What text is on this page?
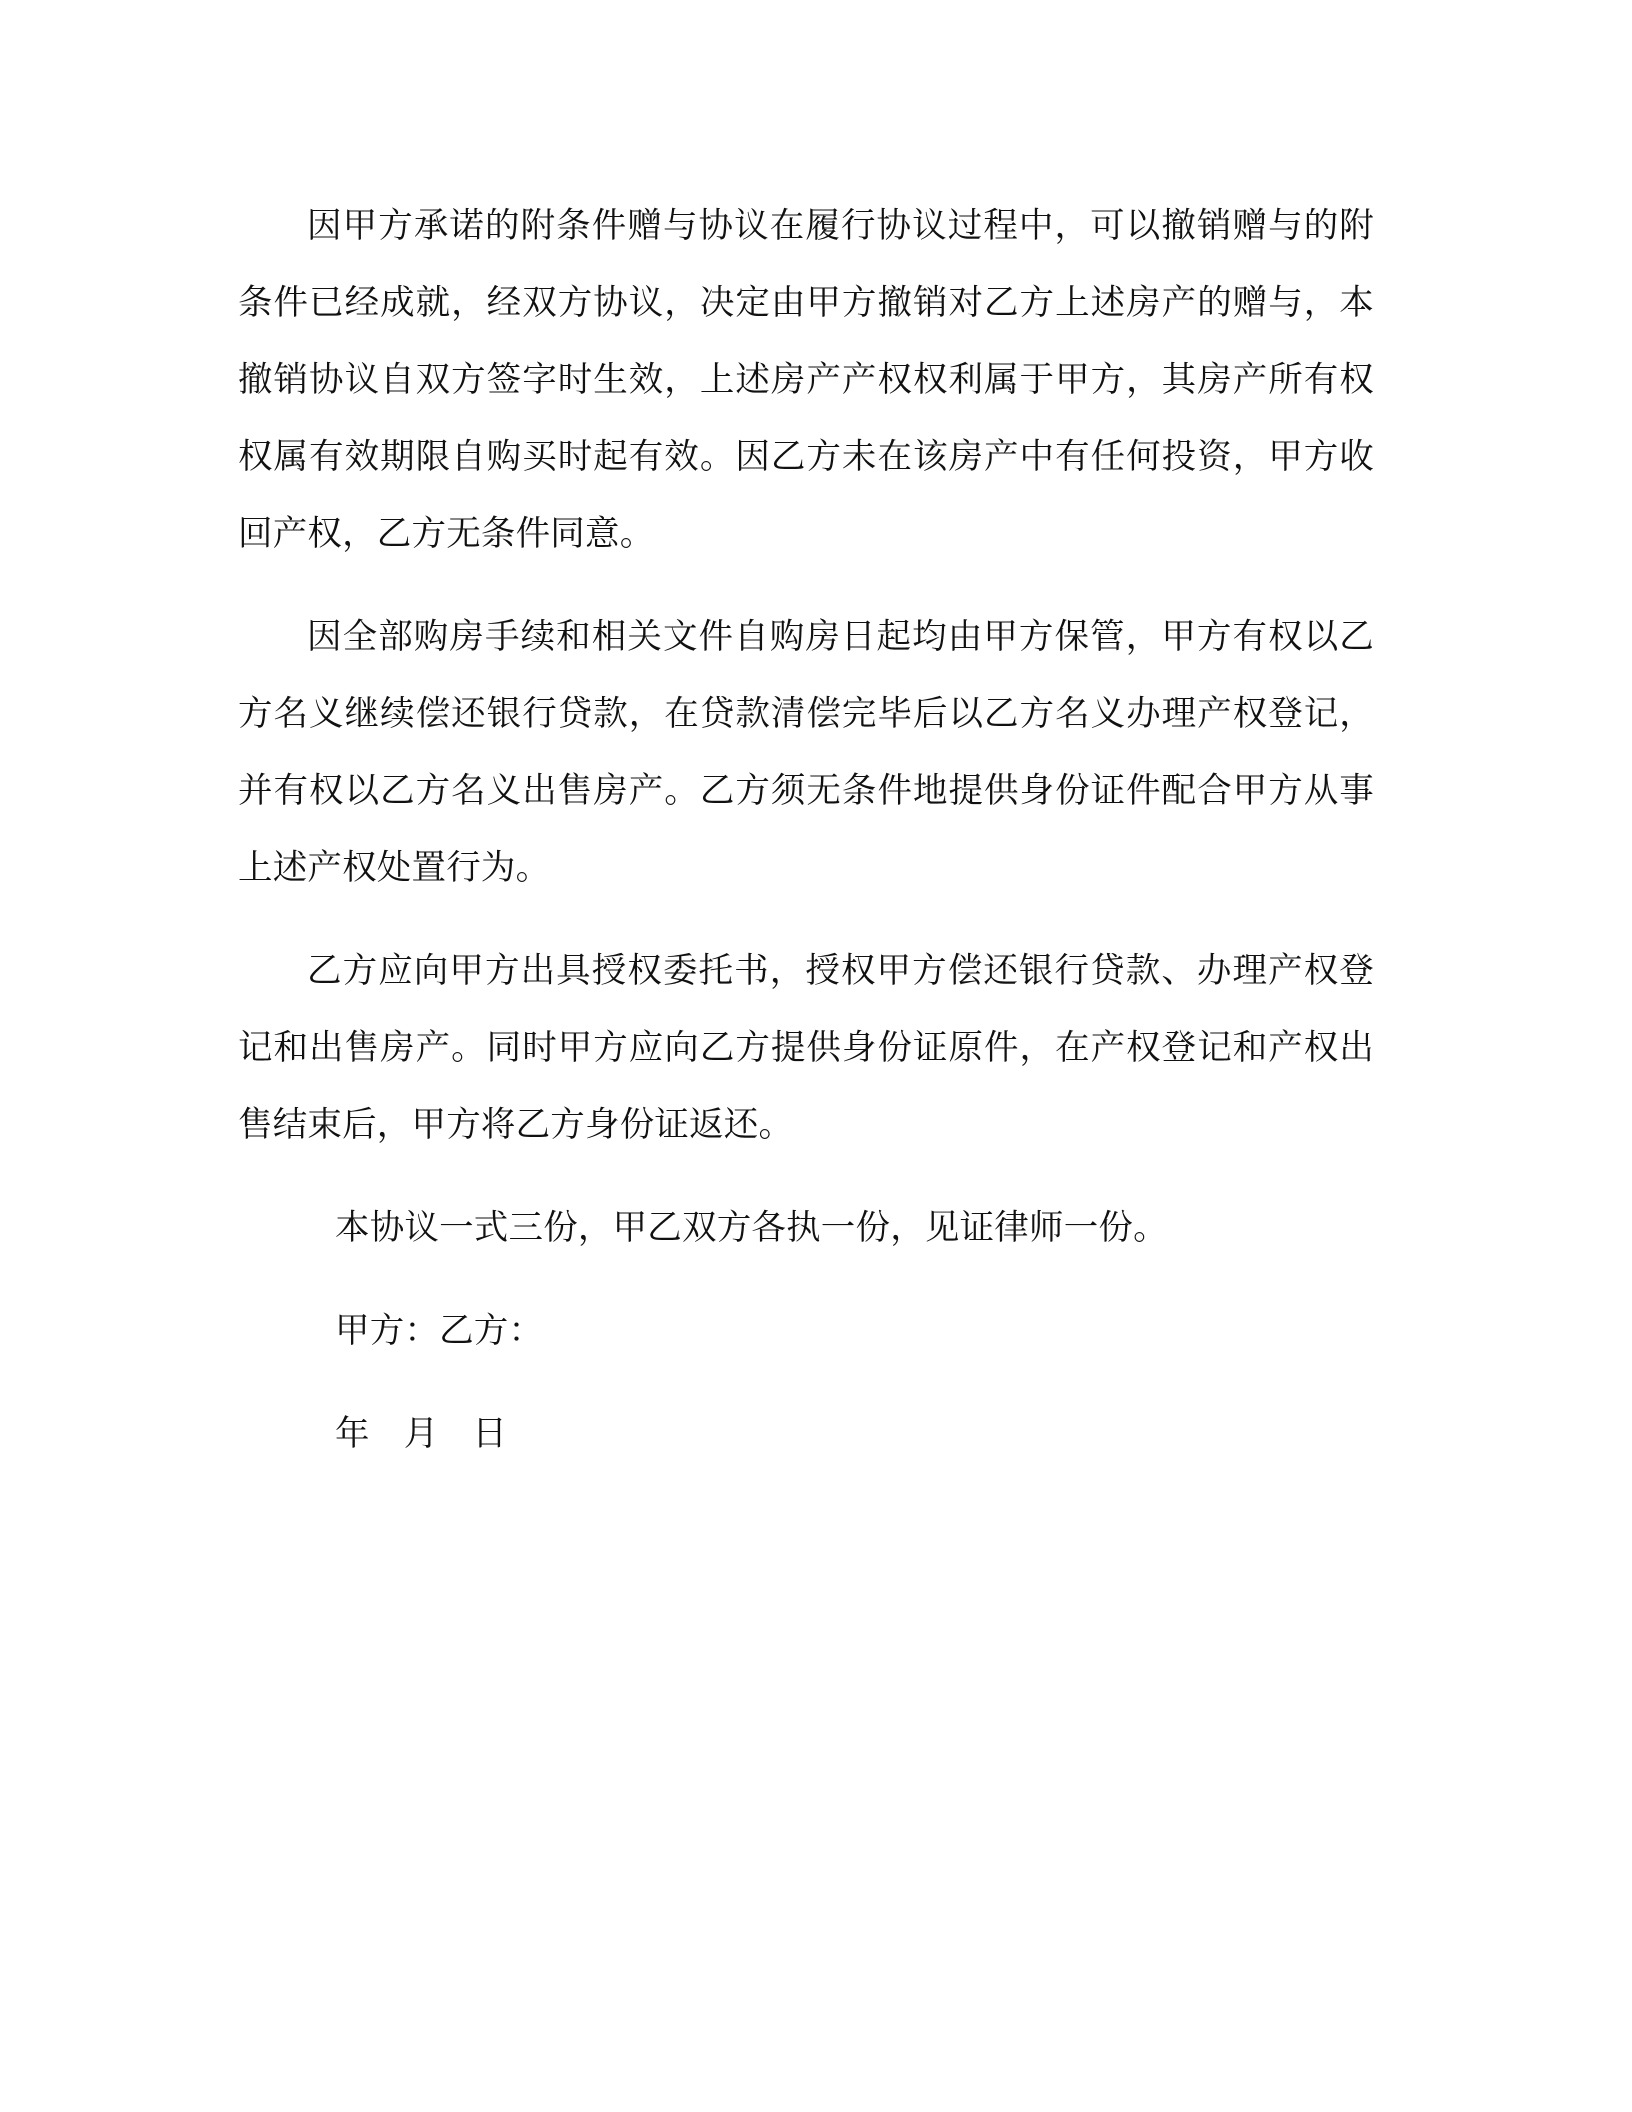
因甲方承诺的附条件赠与协议在履行协议过程中，可以撤销赠与的附条件已经成就，经双方协议，决定由甲方撤销对乙方上述房产的赠与，本撤销协议自双方签字时生效，上述房产产权权利属于甲方，其房产所有权权属有效期限自购买时起有效。因乙方未在该房产中有任何投资，甲方收回产权，乙方无条件同意。

因全部购房手续和相关文件自购房日起均由甲方保管，甲方有权以乙方名义继续偿还银行贷款，在贷款清偿完毕后以乙方名义办理产权登记，并有权以乙方名义出售房产。乙方须无条件地提供身份证件配合甲方从事上述产权处置行为。

乙方应向甲方出具授权委托书，授权甲方偿还银行贷款、办理产权登记和出售房产。同时甲方应向乙方提供身份证原件，在产权登记和产权出售结束后，甲方将乙方身份证返还。

本协议一式三份，甲乙双方各执一份，见证律师一份。

甲方：乙方：

年 月 日
